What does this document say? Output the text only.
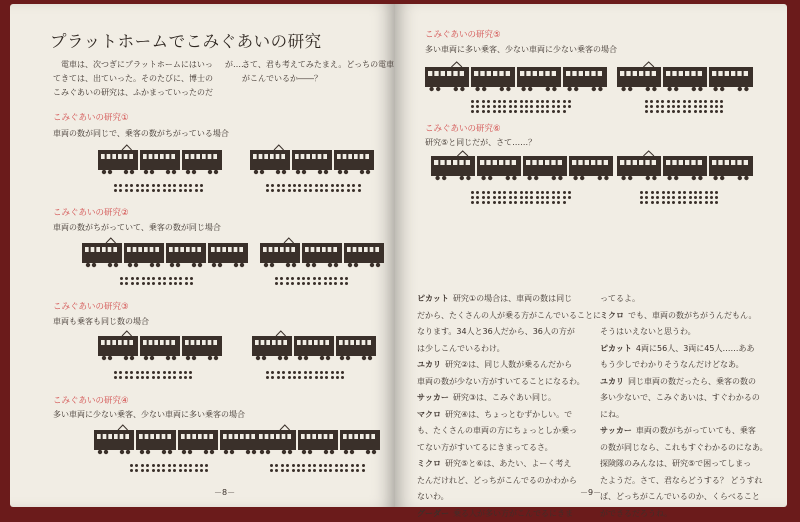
プラットホームでこみぐあいの研究
電車は、次つぎにプラットホームにはいっ
てきては、出ていった。そのたびに、博士の
こみぐあいの研究は、ふかまっていったのだ
が……
こみぐあいの研究①
車両の数が同じで、乗客の数がちがっている場合
こみぐあいの研究②
車両の数がちがっていて、乗客の数が同じ場合
こみぐあいの研究③
車両も乗客も同じ数の場合
こみぐあいの研究④
多い車両に少ない乗客、少ない車両に多い乗客の場合
－8－
さて、君も考えてみたまえ。どっちの電車
がこんでいるか――？
こみぐあいの研究⑤
多い車両に多い乗客、少ない車両に少ない乗客の場合
こみぐあいの研究⑥
研究⑤と同じだが、さて……？

ピカット 研究①の場合は、車両の数は同じ

だから、たくさんの人が乗る方がこんでいることに

なります。34人と36人だから、36人の方が

は少しこんでいるわけ。

ユカリ 研究②は、同じ人数が乗るんだから

車両の数が少ない方がすいてることになるわ。

サッカー 研究③は、こみぐあい同じ。

マクロ 研究④は、ちょっとむずかしい。で

も、たくさんの車両の方にちょっとしか乗っ

てない方がすいてるにきまってるさ。

ミクロ 研究⑤と⑥は、あたい、よーく考え

たんだけれど、どっちがこんでるのかわから

ないわ。

グーダー 乗る人が多い方がこんでるにきま

ってるよ。

ミクロ でも、車両の数がちがうんだもん。

そうはいえないと思うわ。

ピカット 4両に56人、3両に45人……ああ

もう少しでわかりそうなんだけどなあ。

ユカリ 同じ車両の数だったら、乗客の数の

多い少ないで、こみぐあいは、すぐわかるの

にね。

サッカー 車両の数がちがっていても、乗客

の数が同じなら、これもすぐわかるのになあ。

探険隊のみんなは、研究⑤で困ってしまっ

たようだ。さて、君ならどうする？ どうすれ

ば、どっちがこんでいるのか、くらべること

ができるだろうね。

－9－
